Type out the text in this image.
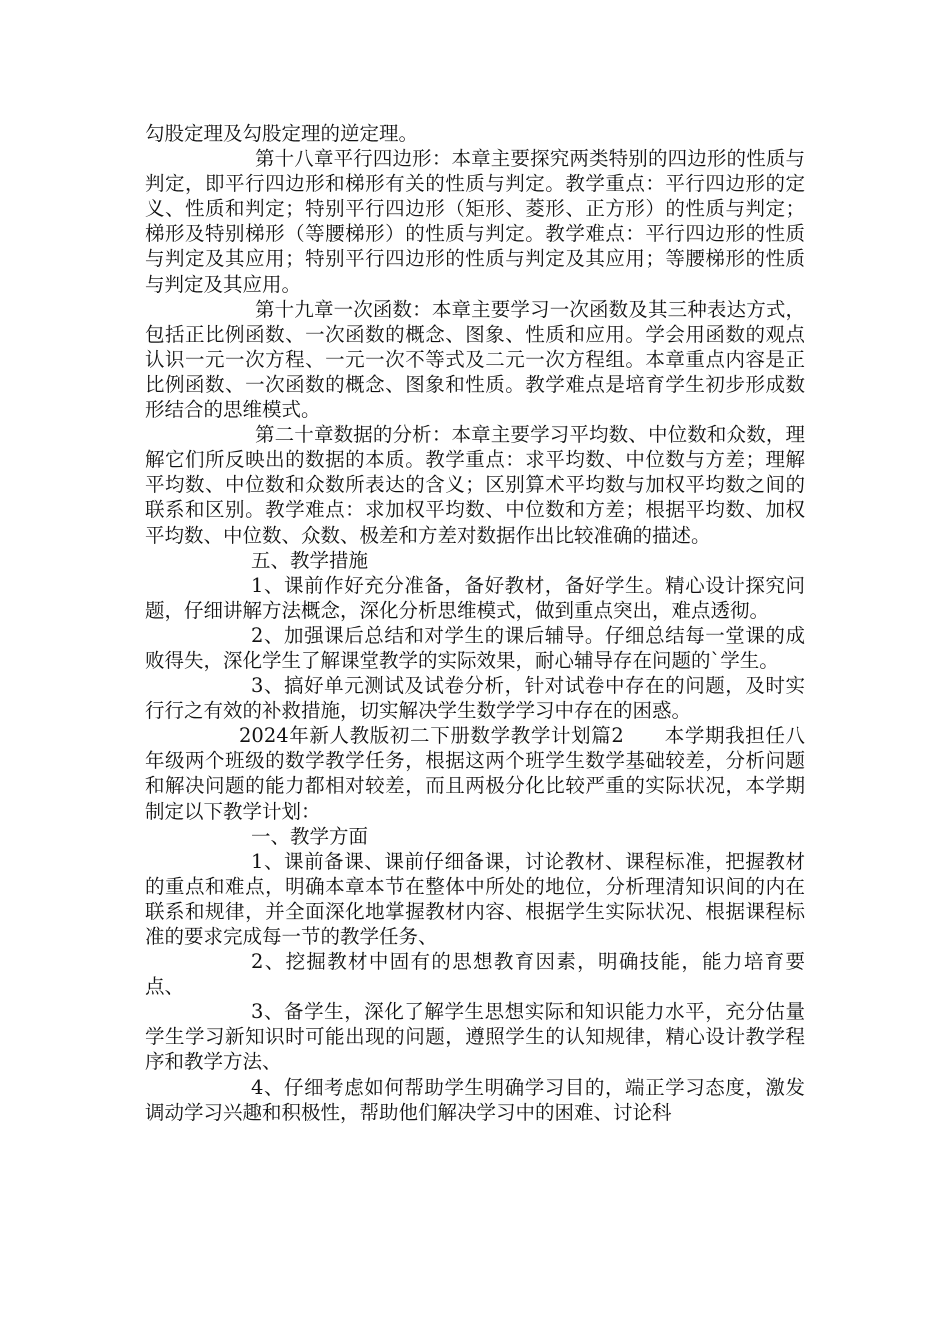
勾股定理及勾股定理的逆定理。

第十八章平行四边形：本章主要探究两类特别的四边形的性质与判定，即平行四边形和梯形有关的性质与判定。教学重点：平行四边形的定义、性质和判定；特别平行四边形（矩形、菱形、正方形）的性质与判定；梯形及特别梯形（等腰梯形）的性质与判定。教学难点：平行四边形的性质与判定及其应用；特别平行四边形的性质与判定及其应用；等腰梯形的性质与判定及其应用。

第十九章一次函数：本章主要学习一次函数及其三种表达方式，包括正比例函数、一次函数的概念、图象、性质和应用。学会用函数的观点认识一元一次方程、一元一次不等式及二元一次方程组。本章重点内容是正比例函数、一次函数的概念、图象和性质。教学难点是培育学生初步形成数形结合的思维模式。

第二十章数据的分析：本章主要学习平均数、中位数和众数，理解它们所反映出的数据的本质。教学重点：求平均数、中位数与方差；理解平均数、中位数和众数所表达的含义；区别算术平均数与加权平均数之间的联系和区别。教学难点：求加权平均数、中位数和方差；根据平均数、加权平均数、中位数、众数、极差和方差对数据作出比较准确的描述。

五、教学措施

1、课前作好充分准备，备好教材，备好学生。精心设计探究问题，仔细讲解方法概念，深化分析思维模式，做到重点突出，难点透彻。

2、加强课后总结和对学生的课后辅导。仔细总结每一堂课的成败得失，深化学生了解课堂教学的实际效果，耐心辅导存在问题的`学生。

3、搞好单元测试及试卷分析，针对试卷中存在的问题，及时实行行之有效的补救措施，切实解决学生数学学习中存在的困惑。

2024年新人教版初二下册数学教学计划篇2　　本学期我担任八年级两个班级的数学教学任务，根据这两个班学生数学基础较差，分析问题和解决问题的能力都相对较差，而且两极分化比较严重的实际状况，本学期制定以下教学计划：

一、教学方面

1、课前备课、课前仔细备课，讨论教材、课程标准，把握教材的重点和难点，明确本章本节在整体中所处的地位，分析理清知识间的内在联系和规律，并全面深化地掌握教材内容、根据学生实际状况、根据课程标准的要求完成每一节的教学任务、

2、挖掘教材中固有的思想教育因素，明确技能，能力培育要点、

3、备学生，深化了解学生思想实际和知识能力水平，充分估量学生学习新知识时可能出现的问题，遵照学生的认知规律，精心设计教学程序和教学方法、

4、仔细考虑如何帮助学生明确学习目的，端正学习态度，激发调动学习兴趣和积极性，帮助他们解决学习中的困难、讨论科
